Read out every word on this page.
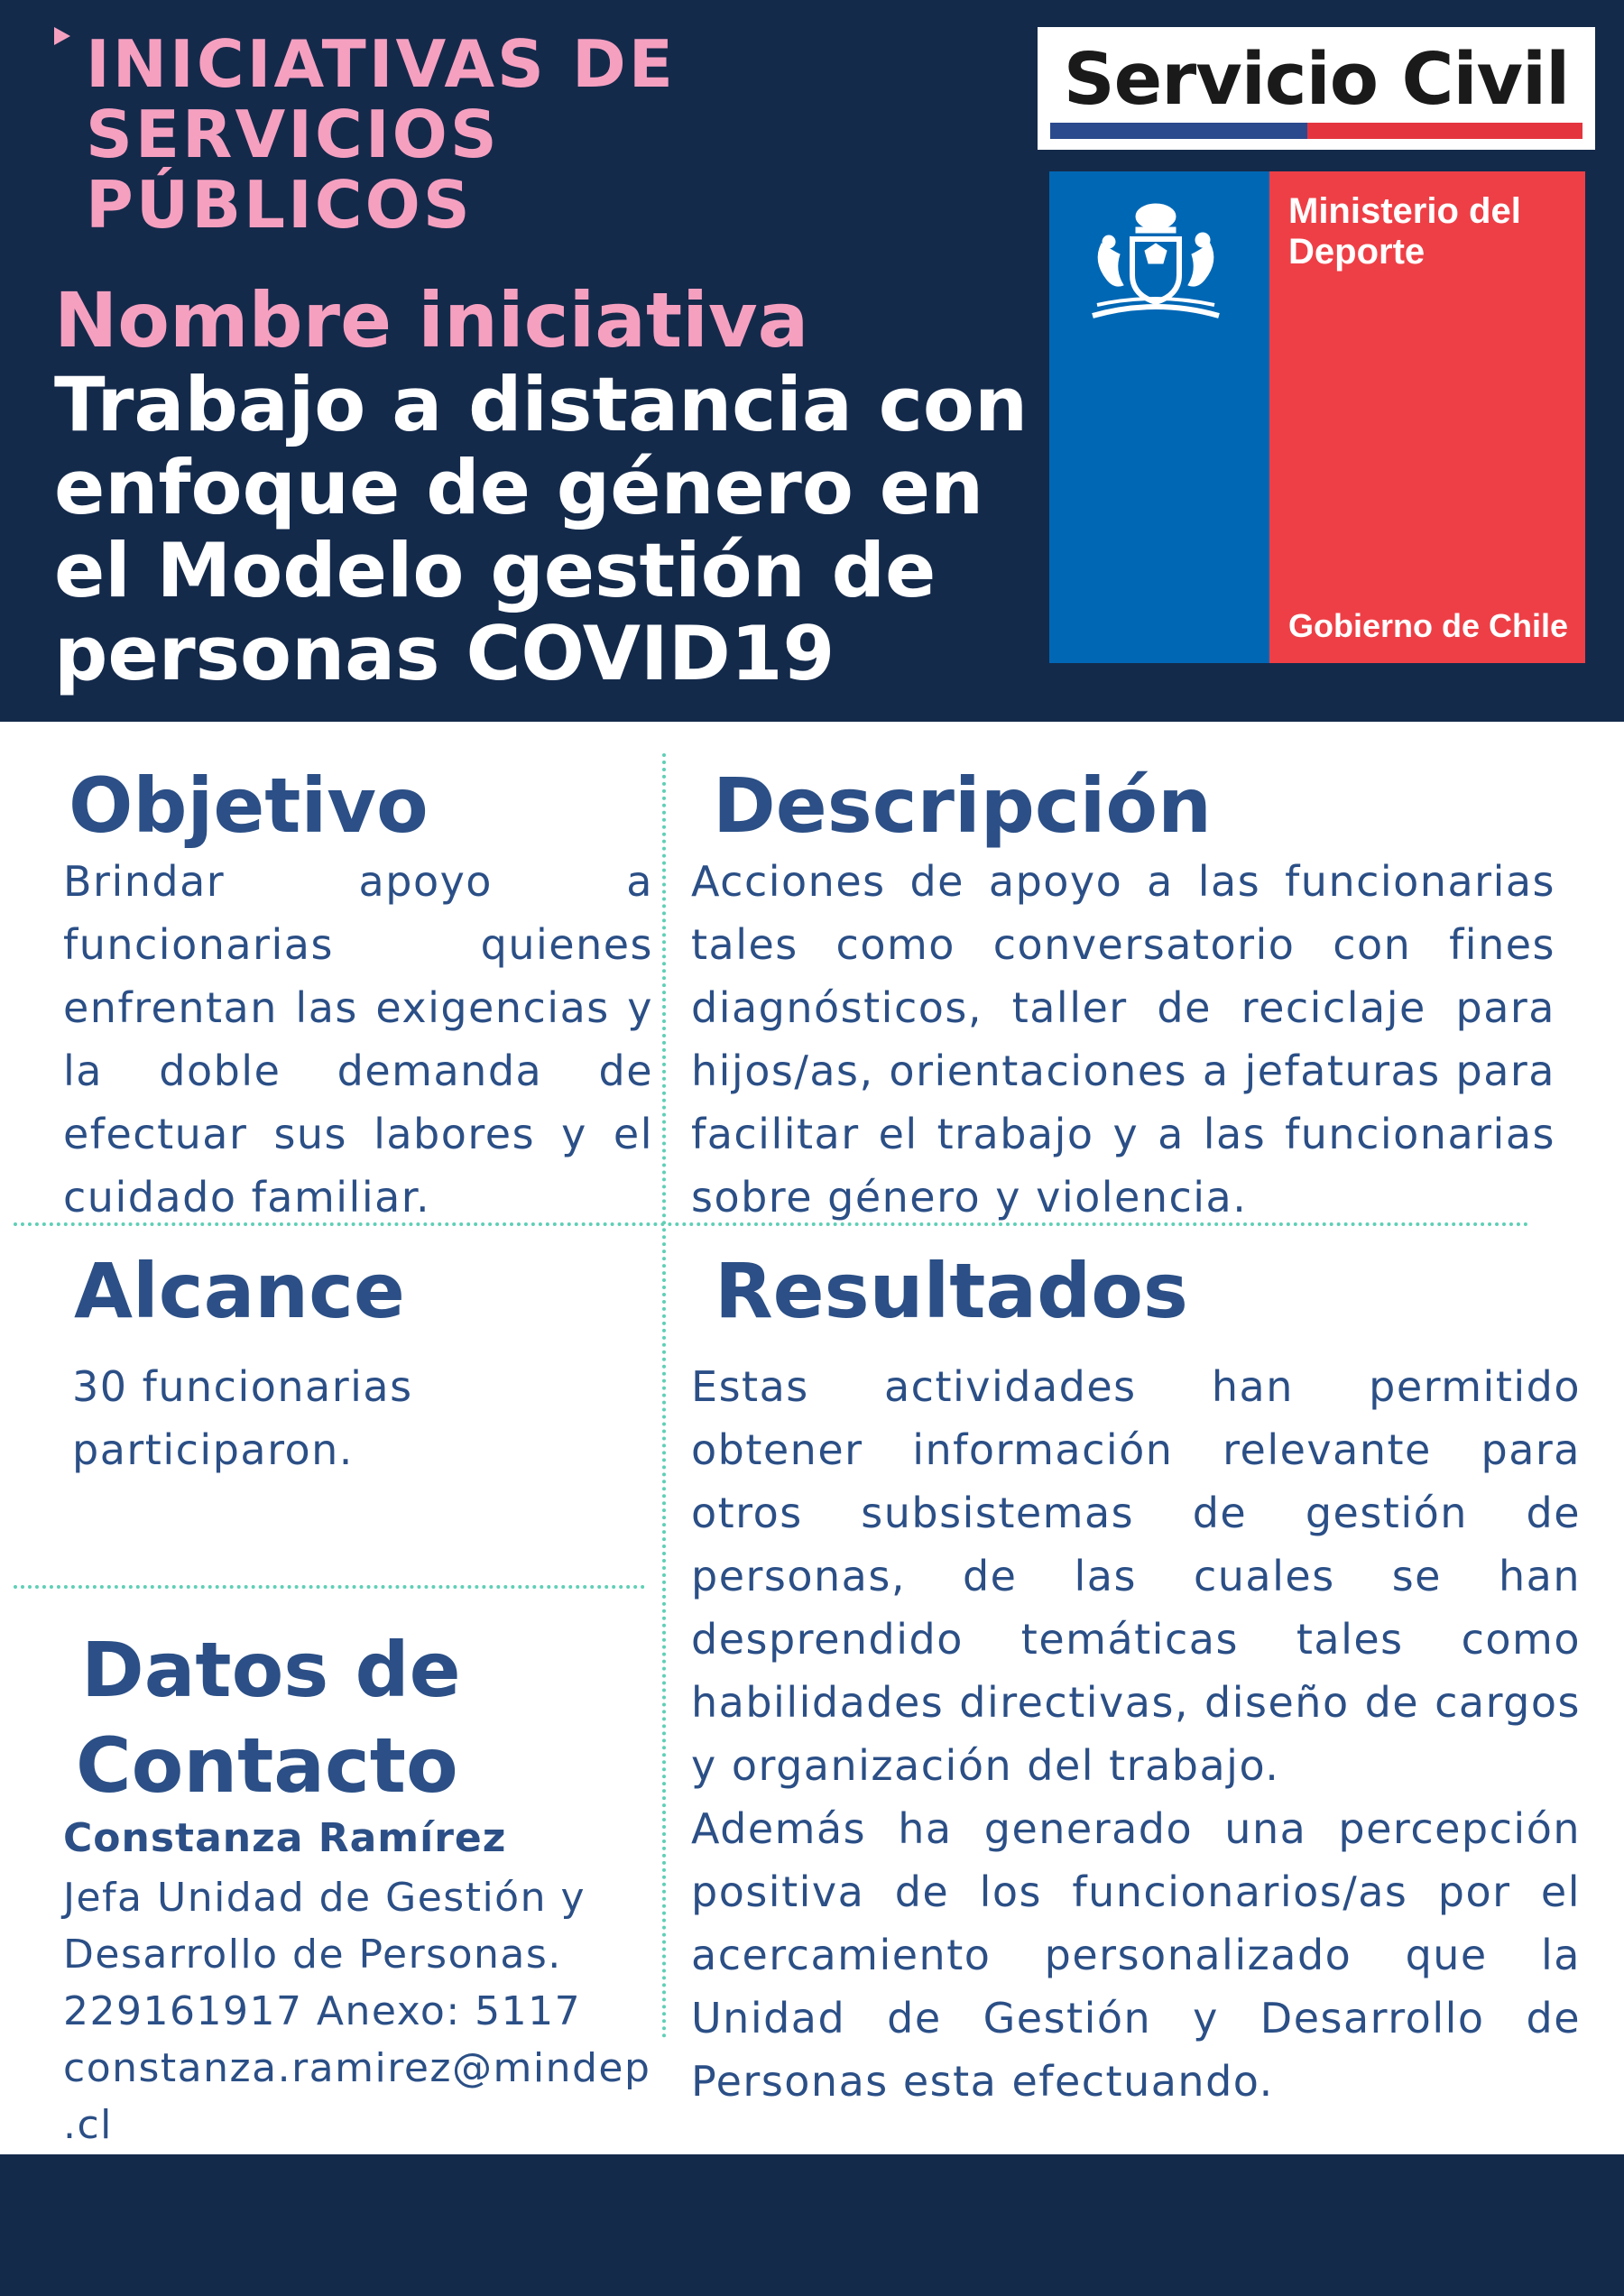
INICIATIVAS DE
SERVICIOS
PÚBLICOS
Nombre iniciativa
Trabajo a distancia con enfoque de género en el Modelo gestión de personas COVID19
Servicio Civil
Ministerio del Deporte
Gobierno de Chile
Objetivo
Brindar apoyo a funcionarias quienes enfrentan las exigencias y la doble demanda de efectuar sus labores y el cuidado familiar.
Descripción
Acciones de apoyo a las funcionarias tales como conversatorio con fines diagnósticos, taller de reciclaje para hijos/as, orientaciones a jefaturas para facilitar el trabajo y a las funcionarias sobre género y violencia.
Alcance
30 funcionarias participaron.
Resultados
Estas actividades han permitido obtener información relevante para otros subsistemas de gestión de personas, de las cuales se han desprendido temáticas tales como habilidades directivas, diseño de cargos y organización del trabajo.
Además ha generado una percepción positiva de los funcionarios/as por el acercamiento personalizado que la Unidad de Gestión y Desarrollo de Personas esta efectuando.
Datos de
Contacto
Constanza Ramírez
Jefa Unidad de Gestión y
Desarrollo de Personas.
229161917 Anexo: 5117
constanza.ramirez@mindep
.cl
